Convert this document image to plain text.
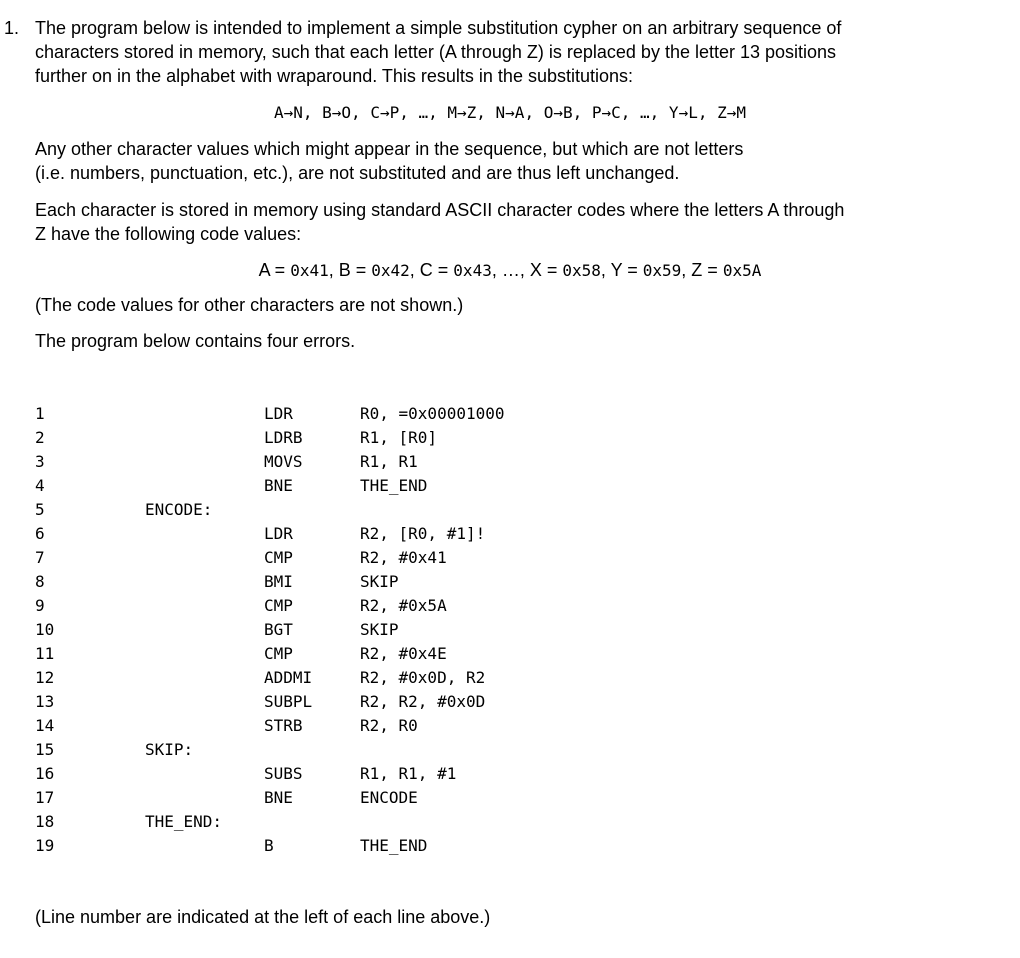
1. The program below is intended to implement a simple substitution cypher on an arbitrary sequence of
characters stored in memory, such that each letter (A through Z) is replaced by the letter 13 positions
further on in the alphabet with wraparound. This results in the substitutions:
A→N, B→O, C→P, …, M→Z, N→A, O→B, P→C, …, Y→L, Z→M
Any other character values which might appear in the sequence, but which are not letters
(i.e. numbers, punctuation, etc.), are not substituted and are thus left unchanged.
Each character is stored in memory using standard ASCII character codes where the letters A through
Z have the following code values:
A = 0x41, B = 0x42, C = 0x43, …, X = 0x58, Y = 0x59, Z = 0x5A
(The code values for other characters are not shown.)
The program below contains four errors.
1	LDR	R0, =0x00001000
2	LDRB	R1, [R0]
3	MOVS	R1, R1
4	BNE	THE_END
5	ENCODE:
6	LDR	R2, [R0, #1]!
7	CMP	R2, #0x41
8	BMI	SKIP
9	CMP	R2, #0x5A
10	BGT	SKIP
11	CMP	R2, #0x4E
12	ADDMI	R2, #0x0D, R2
13	SUBPL	R2, R2, #0x0D
14	STRB	R2, R0
15	SKIP:
16	SUBS	R1, R1, #1
17	BNE	ENCODE
18	THE_END:
19	B	THE_END
(Line number are indicated at the left of each line above.)
